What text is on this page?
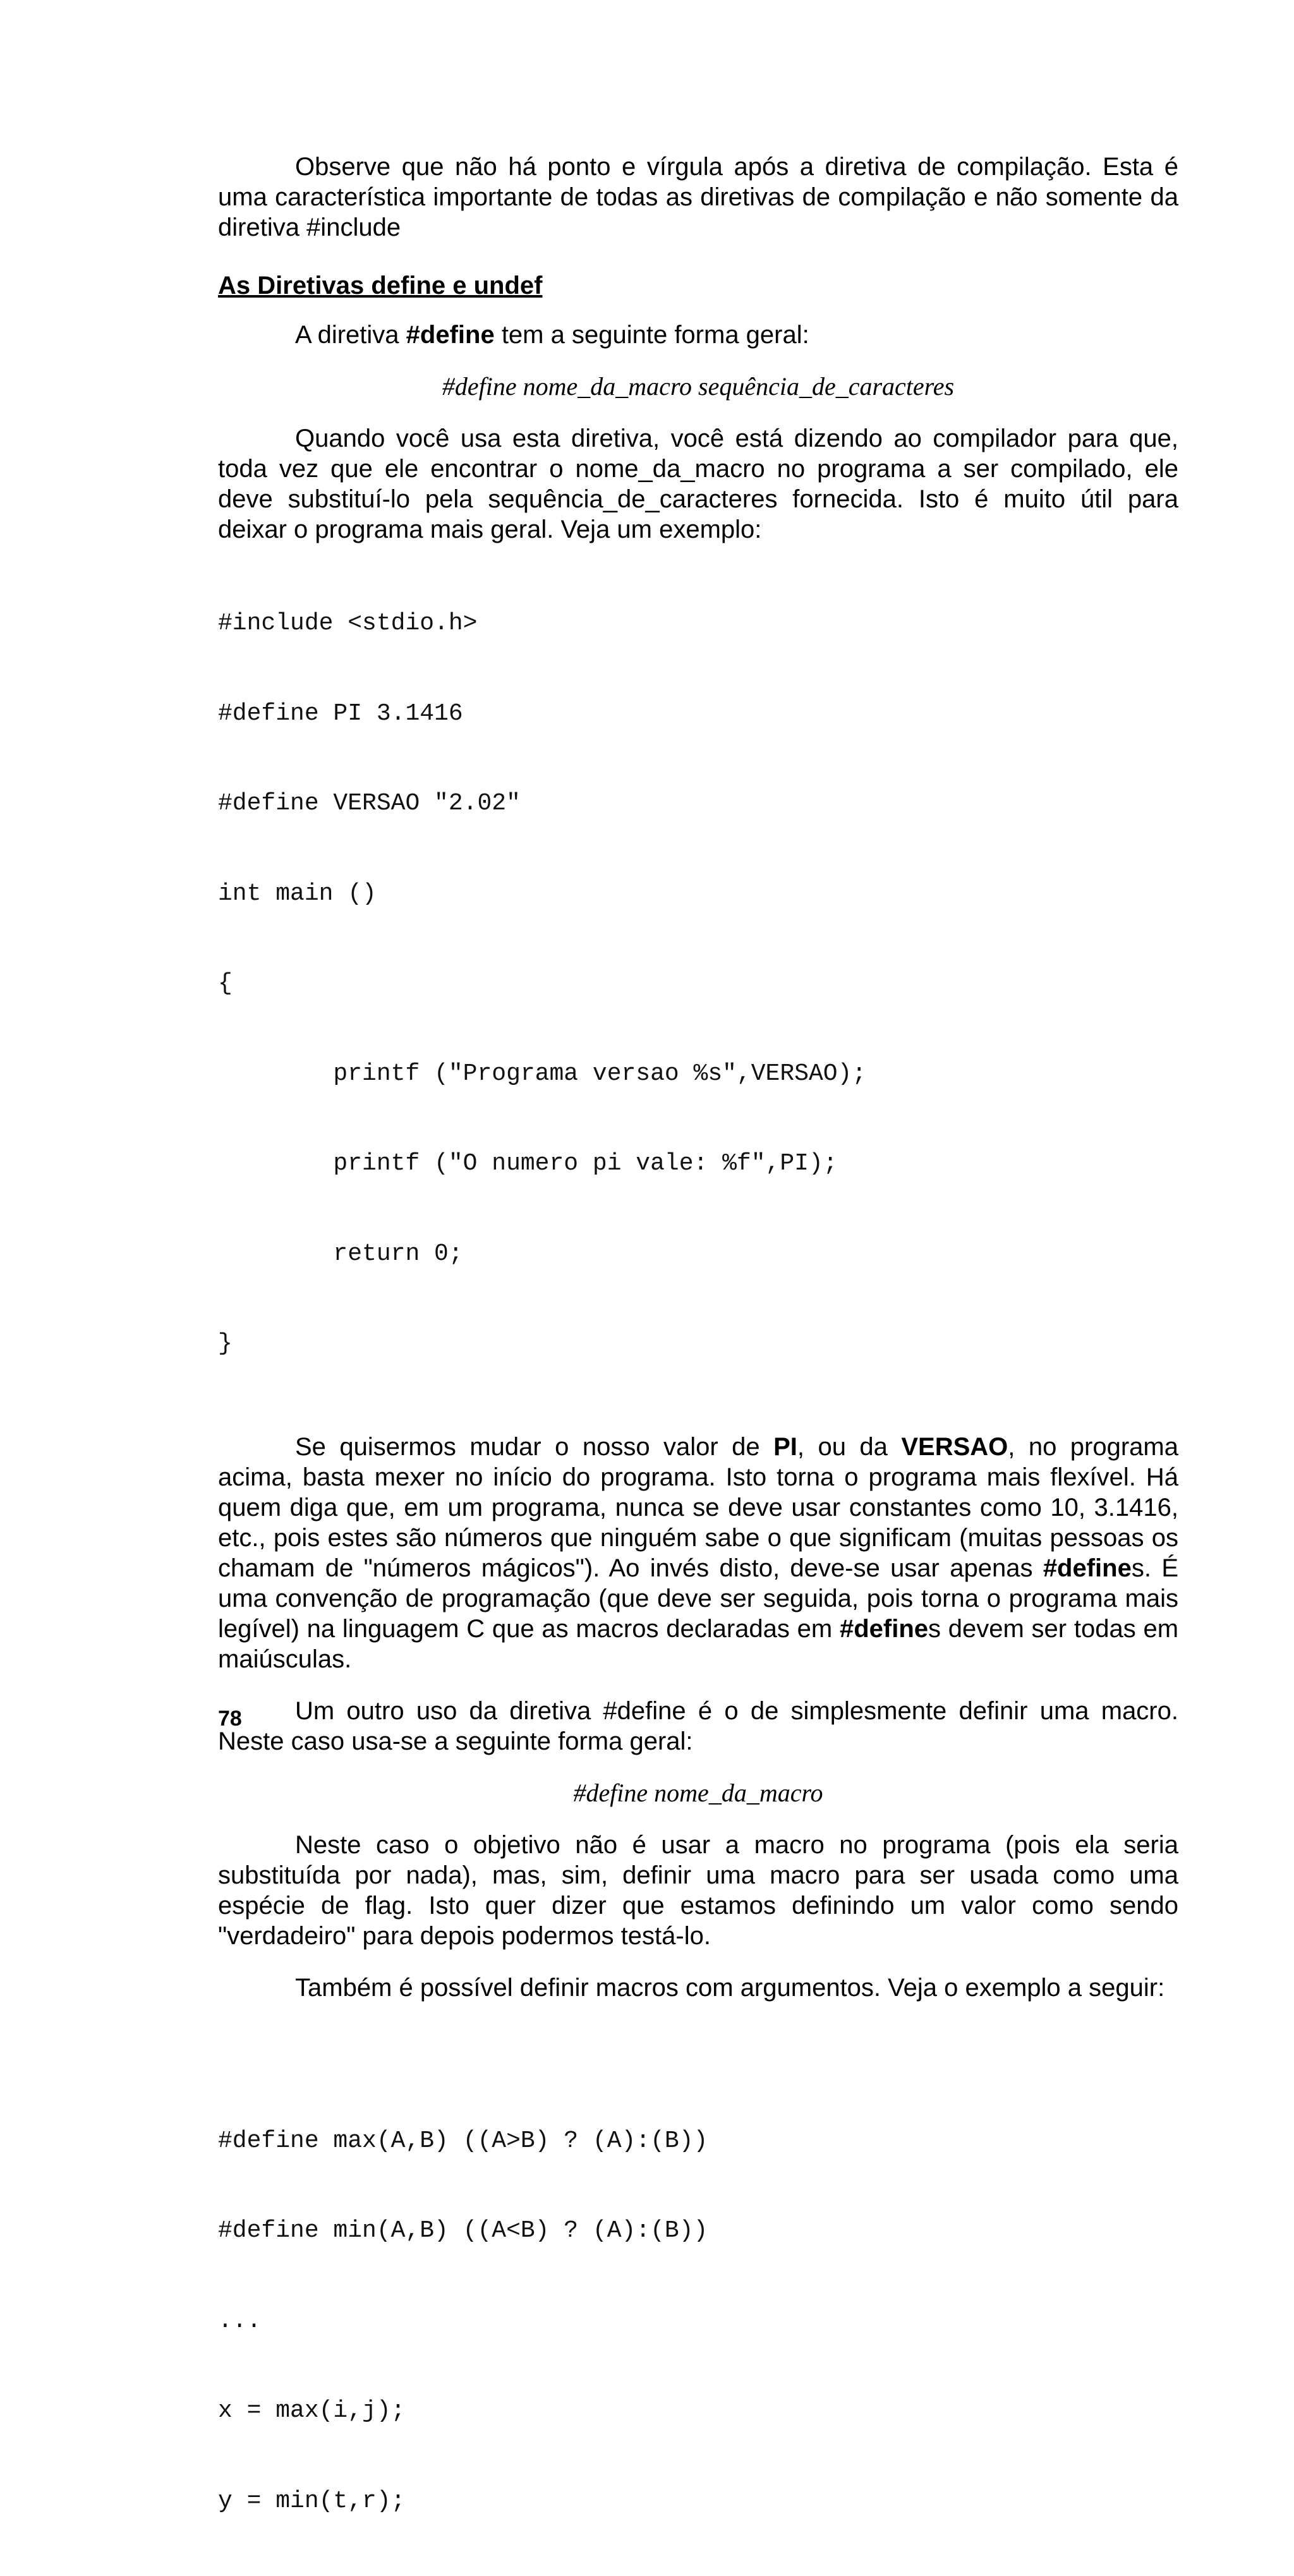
Observe que não há ponto e vírgula após a diretiva de compilação. Esta é uma característica importante de todas as diretivas de compilação e não somente da diretiva #include

As Diretivas define e undef

A diretiva #define tem a seguinte forma geral:

#define nome_da_macro sequência_de_caracteres

Quando você usa esta diretiva, você está dizendo ao compilador para que, toda vez que ele encontrar o nome_da_macro no programa a ser compilado, ele deve substituí-lo pela sequência_de_caracteres fornecida. Isto é muito útil para deixar o programa mais geral. Veja um exemplo:

#include <stdio.h>

#define PI 3.1416

#define VERSAO "2.02"

int main ()

{

printf ("Programa versao %s",VERSAO);

printf ("O numero pi vale: %f",PI);

return 0;

}

Se quisermos mudar o nosso valor de PI, ou da VERSAO, no programa acima, basta mexer no início do programa. Isto torna o programa mais flexível. Há quem diga que, em um programa, nunca se deve usar constantes como 10, 3.1416, etc., pois estes são números que ninguém sabe o que significam (muitas pessoas os chamam de "números mágicos"). Ao invés disto, deve-se usar apenas #defines. É uma convenção de programação (que deve ser seguida, pois torna o programa mais legível) na linguagem C que as macros declaradas em #defines devem ser todas em maiúsculas.

Um outro uso da diretiva #define é o de simplesmente definir uma macro. Neste caso usa-se a seguinte forma geral:

#define nome_da_macro

Neste caso o objetivo não é usar a macro no programa (pois ela seria substituída por nada), mas, sim, definir uma macro para ser usada como uma espécie de flag. Isto quer dizer que estamos definindo um valor como sendo "verdadeiro" para depois podermos testá-lo.

Também é possível definir macros com argumentos. Veja o exemplo a seguir:

#define max(A,B) ((A>B) ? (A):(B))

#define min(A,B) ((A<B) ? (A):(B))

...

x = max(i,j);

y = min(t,r);

78
